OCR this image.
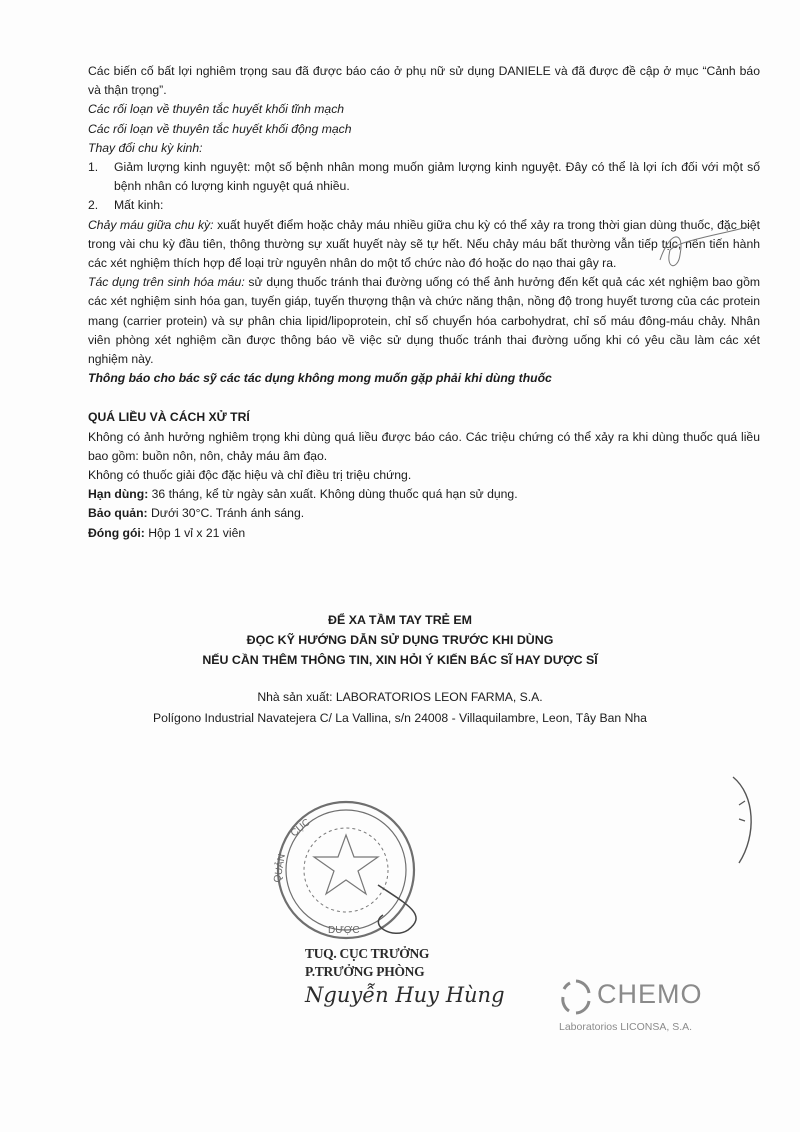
Các biến cố bất lợi nghiêm trọng sau đã được báo cáo ở phụ nữ sử dụng DANIELE và đã được đề cập ở mục “Cảnh báo và thận trọng”.

Các rối loạn về thuyên tắc huyết khối tĩnh mạch

Các rối loạn về thuyên tắc huyết khối động mạch

Thay đổi chu kỳ kinh:

1. Giảm lượng kinh nguyệt: một số bệnh nhân mong muốn giảm lượng kinh nguyệt. Đây có thể là lợi ích đối với một số bệnh nhân có lượng kinh nguyệt quá nhiều.

2. Mất kinh:

Chảy máu giữa chu kỳ: xuất huyết điểm hoặc chảy máu nhiều giữa chu kỳ có thể xảy ra trong thời gian dùng thuốc, đặc biệt trong vài chu kỳ đầu tiên, thông thường sự xuất huyết này sẽ tự hết. Nếu chảy máu bất thường vẫn tiếp tục, nên tiến hành các xét nghiệm thích hợp để loại trừ nguyên nhân do một tổ chức nào đó hoặc do nạo thai gây ra.

Tác dụng trên sinh hóa máu: sử dụng thuốc tránh thai đường uống có thể ảnh hưởng đến kết quả các xét nghiệm bao gồm các xét nghiệm sinh hóa gan, tuyến giáp, tuyến thượng thận và chức năng thận, nồng độ trong huyết tương của các protein mang (carrier protein) và sự phân chia lipid/lipoprotein, chỉ số chuyển hóa carbohydrat, chỉ số máu đông-máu chảy. Nhân viên phòng xét nghiệm cần được thông báo về việc sử dụng thuốc tránh thai đường uống khi có yêu cầu làm các xét nghiệm này.

Thông báo cho bác sỹ các tác dụng không mong muốn gặp phải khi dùng thuốc

QUÁ LIỀU VÀ CÁCH XỬ TRÍ

Không có ảnh hưởng nghiêm trọng khi dùng quá liều được báo cáo. Các triệu chứng có thể xảy ra khi dùng thuốc quá liều bao gồm: buồn nôn, nôn, chảy máu âm đạo.

Không có thuốc giải độc đặc hiệu và chỉ điều trị triệu chứng.

Hạn dùng: 36 tháng, kể từ ngày sản xuất. Không dùng thuốc quá hạn sử dụng.

Bảo quản: Dưới 30°C. Tránh ánh sáng.

Đóng gói: Hộp 1 vỉ x 21 viên

ĐỂ XA TẦM TAY TRẺ EM
ĐỌC KỸ HƯỚNG DẪN SỬ DỤNG TRƯỚC KHI DÙNG
NẾU CẦN THÊM THÔNG TIN, XIN HỎI Ý KIẾN BÁC SĨ HAY DƯỢC SĨ
Nhà sản xuất: LABORATORIOS LEON FARMA, S.A.
Polígono Industrial Navatejera C/ La Vallina, s/n 24008 - Villaquilambre, Leon, Tây Ban Nha
CỤC
QUẢN
DƯỢC
TUQ. CỤC TRƯỞNG
P.TRƯỞNG PHÒNG
Nguyễn Huy Hùng	CHEMO
Laboratorios LICONSA, S.A.
